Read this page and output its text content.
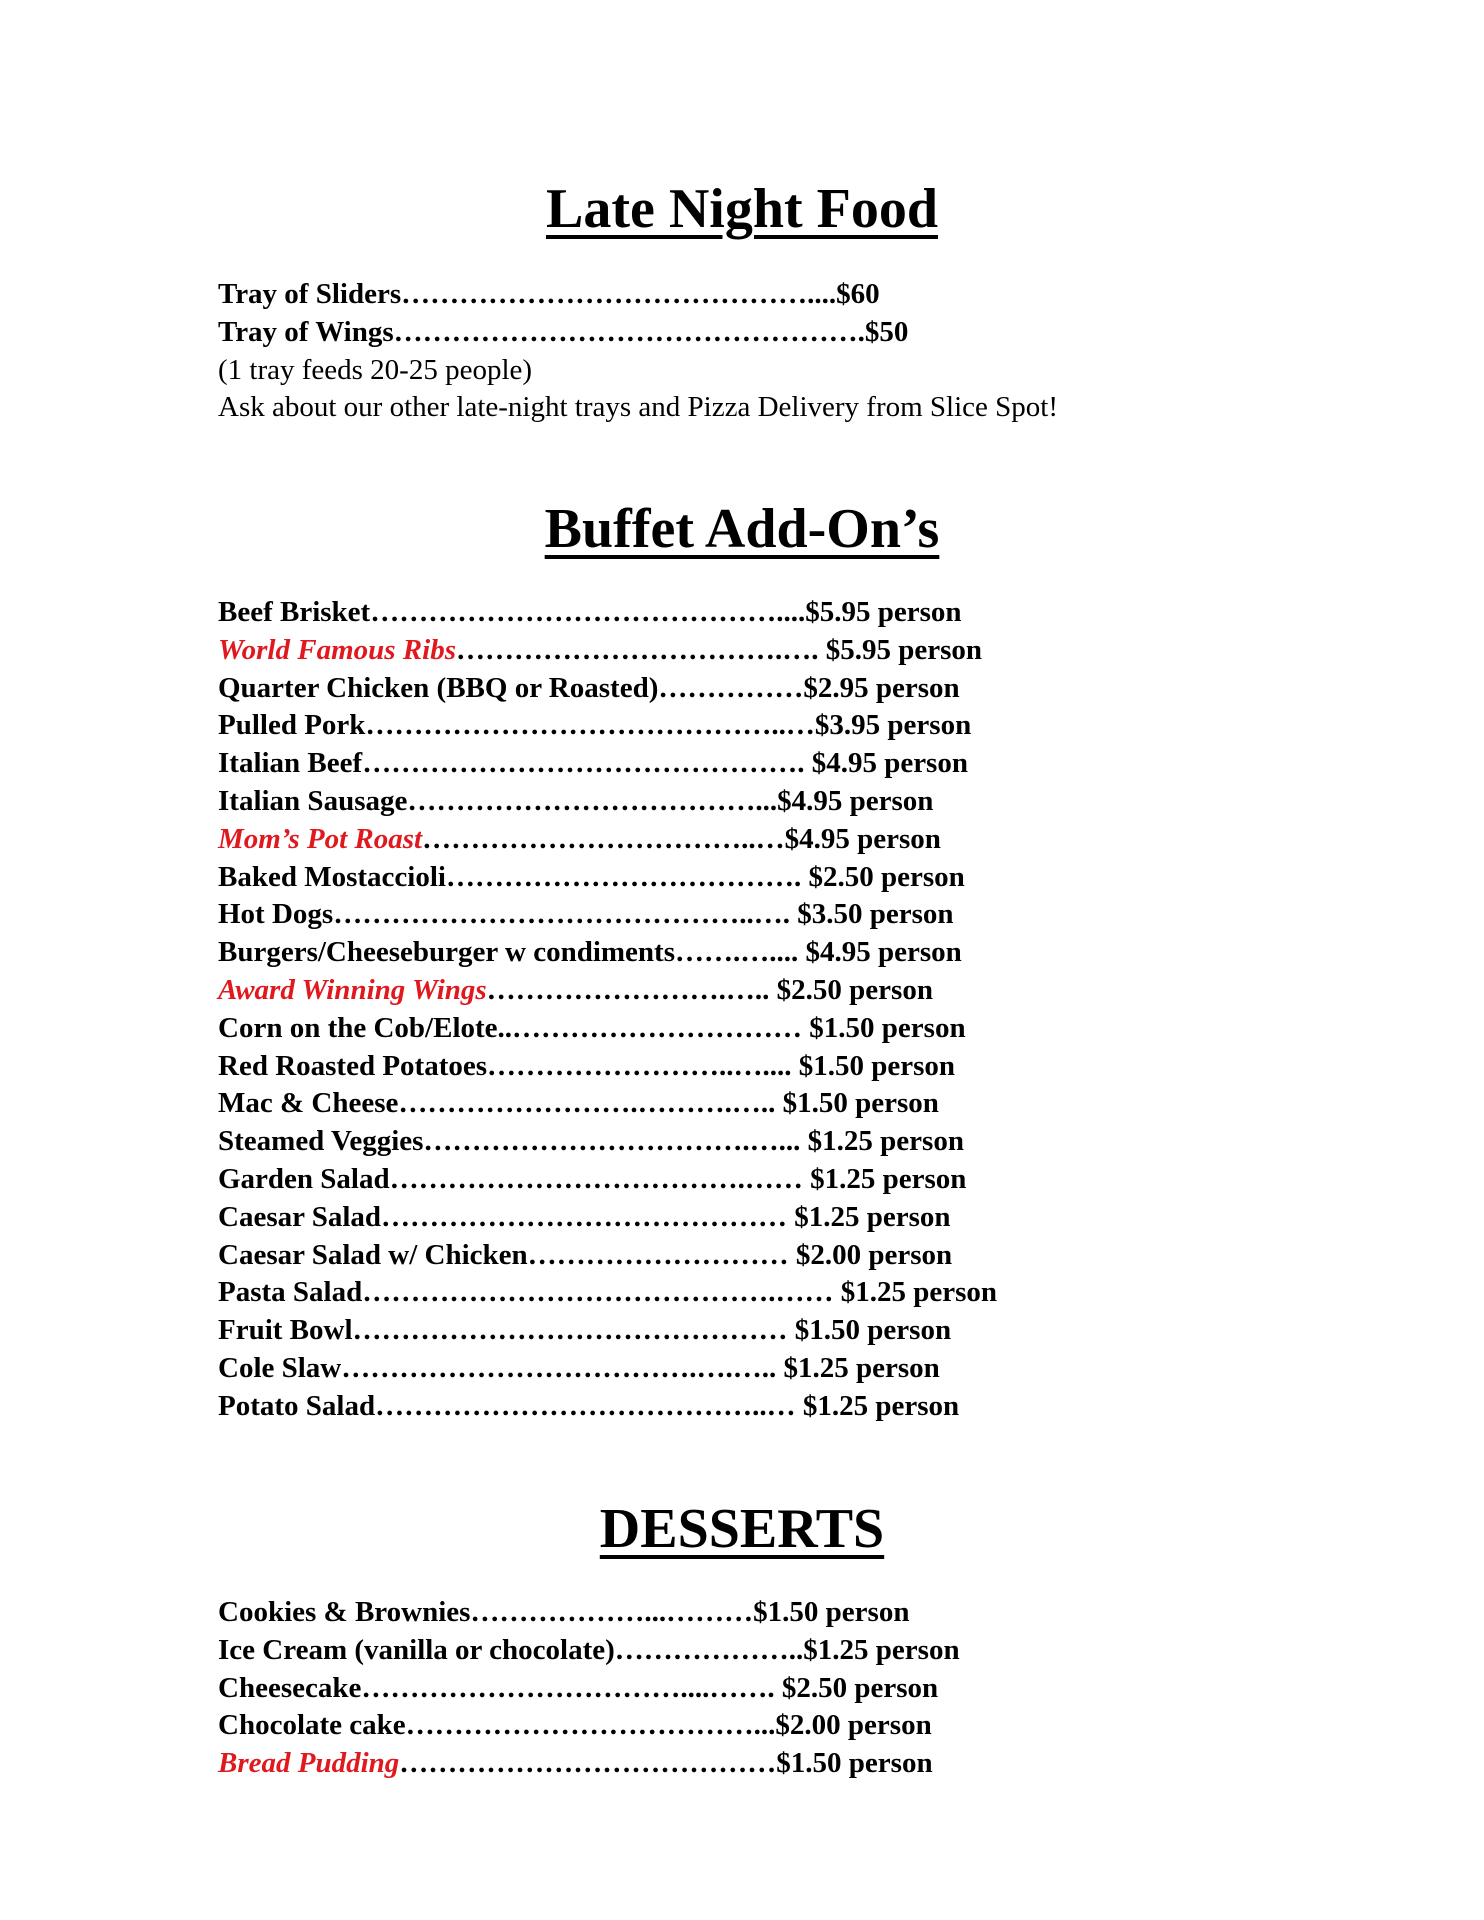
Late Night Food
Tray of Sliders……………………………………....$60
Tray of Wings………………………………………….$50
(1 tray feeds 20-25 people)
Ask about our other late-night trays and Pizza Delivery from Slice Spot!
Buffet Add-On’s
Beef Brisket……………………………………....$5.95 person
World Famous Ribs…………………………….…. $5.95 person
Quarter Chicken (BBQ or Roasted)……………$2.95 person
Pulled Pork……………………………………..…$3.95 person
Italian Beef………………………………………. $4.95 person
Italian Sausage………………………………...$4.95 person
Mom’s Pot Roast……………………………..…$4.95 person
Baked Mostaccioli………………………………. $2.50 person
Hot Dogs……………………………………..…. $3.50 person
Burgers/Cheeseburger w condiments…….….... $4.95 person
Award Winning Wings…………………….….. $2.50 person
Corn on the Cob/Elote..………………………… $1.50 person
Red Roasted Potatoes……………………..….... $1.50 person
Mac & Cheese…………………….……….….. $1.50 person
Steamed Veggies…………………………….…... $1.25 person
Garden Salad……………………………….…… $1.25 person
Caesar Salad…………………………………… $1.25 person
Caesar Salad w/ Chicken……………………… $2.00 person
Pasta Salad…………………………………….…… $1.25 person
Fruit Bowl……………………………………… $1.50 person
Cole Slaw……………………………….….….. $1.25 person
Potato Salad…………………………………..… $1.25 person
DESSERTS
Cookies & Brownies………………...………$1.50 person
Ice Cream (vanilla or chocolate)………………..$1.25 person
Cheesecake……………………………....……. $2.50 person
Chocolate cake………………………………...$2.00 person
Bread Pudding…………………………………$1.50 person
